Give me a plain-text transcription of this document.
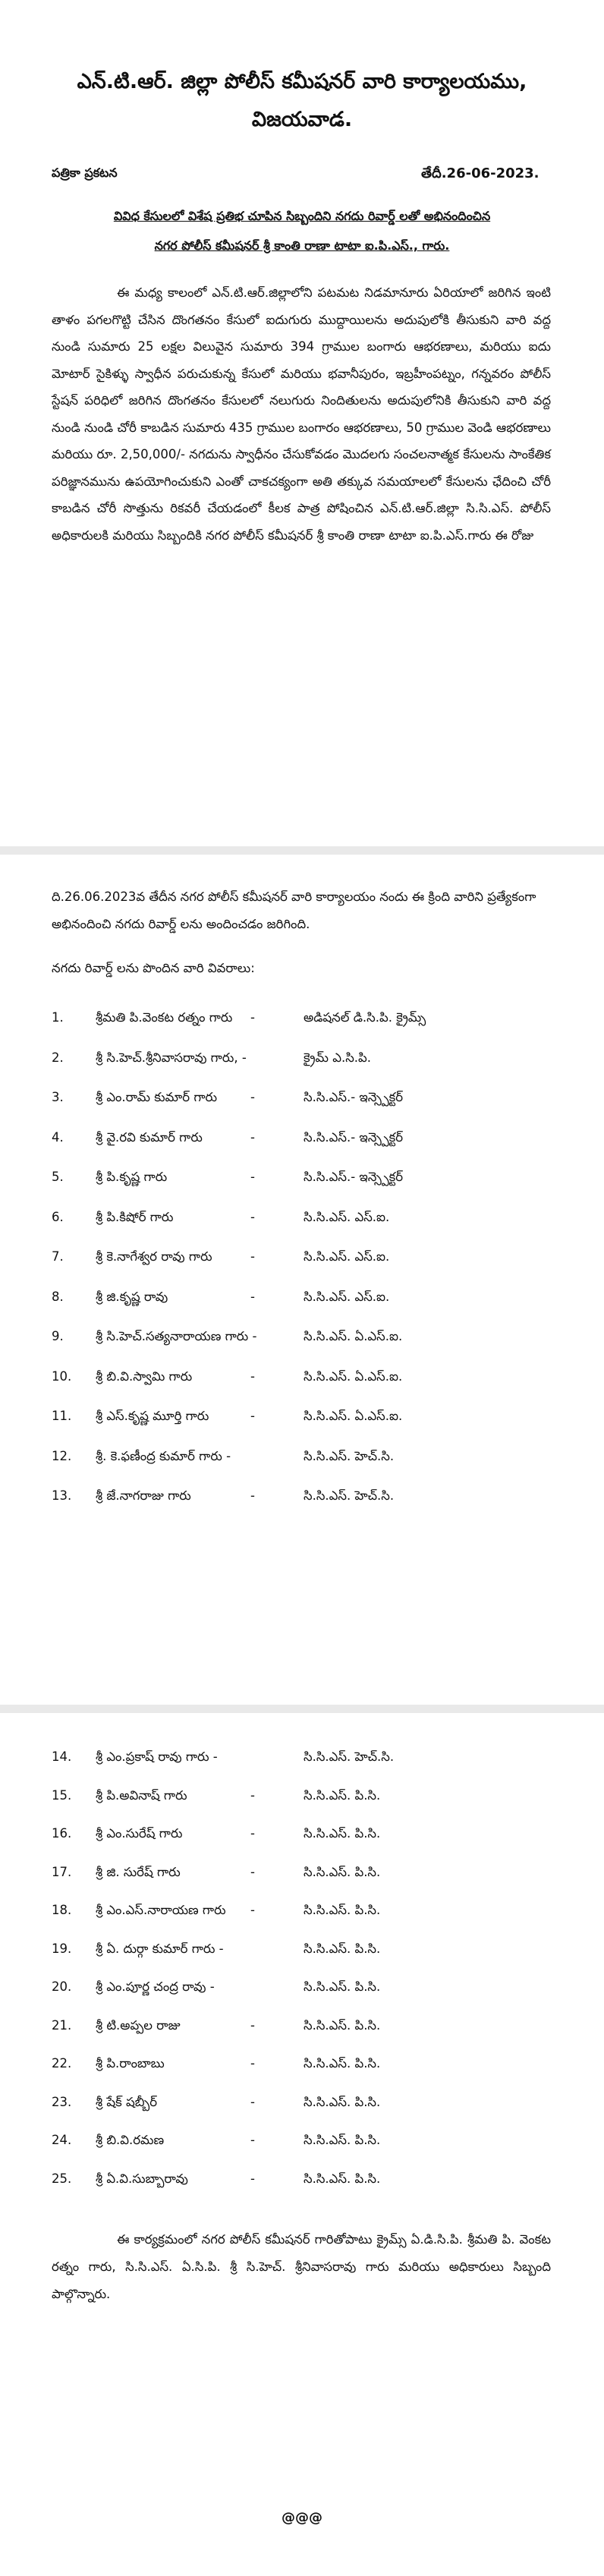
ఎన్.టి.ఆర్. జిల్లా పోలీస్ కమీషనర్ వారి కార్యాలయము,
విజయవాడ.
పత్రికా ప్రకటన	తేదీ.26-06-2023.
వివిధ కేసులలో విశేష ప్రతిభ చూపిన సిబ్బందిని నగదు రివార్డ్ లతో అభినందించిన
నగర పోలీస్ కమీషనర్ శ్రీ కాంతి రాణా టాటా ఐ.పి.ఎస్., గారు.
ఈ మధ్య కాలంలో ఎన్.టి.ఆర్.జిల్లాలోని పటమట నిడమానూరు ఏరియాలో జరిగిన ఇంటి తాళం పగలగొట్టి చేసిన దొంగతనం కేసులో ఐదుగురు ముద్దాయిలను అదుపులోకి తీసుకుని వారి వద్ద నుండి సుమారు 25 లక్షల విలువైన సుమారు 394 గ్రాముల బంగారు ఆభరణాలు, మరియు ఐదు మోటార్ సైకిళ్ళు స్వాధీన పరుచుకున్న కేసులో మరియు భవానీపురం, ఇబ్రహీంపట్నం, గన్నవరం పోలీస్ స్టేషన్ పరిధిలో జరిగిన దొంగతనం కేసులలో నలుగురు నిందితులను అదుపులోనికి తీసుకుని వారి వద్ద నుండి నుండి చోరీ కాబడిన సుమారు 435 గ్రాముల బంగారం ఆభరణాలు, 50 గ్రాముల వెండి ఆభరణాలు మరియు రూ. 2,50,000/- నగదును స్వాధీనం చేసుకోవడం మొదలగు సంచలనాత్మక కేసులను సాంకేతిక పరిజ్ఞానమును ఉపయోగించుకుని ఎంతో చాకచక్యంగా అతి తక్కువ సమయాలలో కేసులను ఛేదించి చోరీ కాబడిన చోరీ సొత్తును రికవరీ చేయడంలో కీలక పాత్ర పోషించిన ఎన్.టి.ఆర్.జిల్లా సి.సి.ఎస్. పోలీస్ అధికారులకి మరియు సిబ్బందికి నగర పోలీస్ కమీషనర్ శ్రీ కాంతి రాణా టాటా ఐ.పి.ఎస్.గారు ఈ రోజు
ది.26.06.2023వ తేదీన నగర పోలీస్ కమీషనర్ వారి కార్యాలయం నందు ఈ క్రింది వారిని ప్రత్యేకంగా అభినందించి నగదు రివార్డ్ లను అందించడం జరిగింది.
నగదు రివార్డ్ లను పొందిన వారి వివరాలు:
1.	శ్రీమతి పి.వెంకట రత్నం గారు -	అడిషనల్ డి.సి.పి. క్రైమ్స్
2.	శ్రీ సి.హెచ్.శ్రీనివాసరావు గారు, -	క్రైమ్ ఎ.సి.పి.
3.	శ్రీ ఎం.రామ్ కుమార్ గారు	-	సి.సి.ఎస్.- ఇన్స్పెక్టర్
4.	శ్రీ వై.రవి కుమార్ గారు	-	సి.సి.ఎస్.- ఇన్స్పెక్టర్
5.	శ్రీ పి.కృష్ణ గారు	-	సి.సి.ఎస్.- ఇన్స్పెక్టర్
6.	శ్రీ పి.కిషోర్ గారు	-	సి.సి.ఎస్. ఎస్.ఐ.
7.	శ్రీ కె.నాగేశ్వర రావు గారు	-	సి.సి.ఎస్. ఎస్.ఐ.
8.	శ్రీ జి.కృష్ణ రావు	-	సి.సి.ఎస్. ఎస్.ఐ.
9.	శ్రీ సి.హెచ్.సత్యనారాయణ గారు -	సి.సి.ఎస్. ఏ.ఎస్.ఐ.
10. శ్రీ బి.వి.స్వామి గారు	-	సి.సి.ఎస్. ఏ.ఎస్.ఐ.
11. శ్రీ ఎస్.కృష్ణ మూర్తి గారు	-	సి.సి.ఎస్. ఏ.ఎస్.ఐ.
12. శ్రీ. కె.ఫణీంద్ర కుమార్ గారు -	సి.సి.ఎస్. హెచ్.సి.
13. శ్రీ జే.నాగరాజు గారు	-	సి.సి.ఎస్. హెచ్.సి.
ఈ కార్యక్రమంలో నగర పోలీస్ కమీషనర్ గారితోపాటు క్రైమ్స్ ఏ.డి.సి.పి. శ్రీమతి పి. వెంకట రత్నం గారు, సి.సి.ఎస్. ఏ.సి.పి. శ్రీ సి.హెచ్. శ్రీనివాసరావు గారు మరియు అధికారులు సిబ్బంది పాల్గొన్నారు.
@@@
14. శ్రీ ఎం.ప్రకాష్ రావు గారు -	సి.సి.ఎస్. హెచ్.సి.
15. శ్రీ పి.అవినాష్ గారు	-	సి.సి.ఎస్. పి.సి.
16. శ్రీ ఎం.సురేష్ గారు	-	సి.సి.ఎస్. పి.సి.
17. శ్రీ జి. సురేష్ గారు	-	సి.సి.ఎస్. పి.సి.
18. శ్రీ ఎం.ఎస్.నారాయణ గారు -	సి.సి.ఎస్. పి.సి.
19. శ్రీ ఏ. దుర్గా కుమార్ గారు -	సి.సి.ఎస్. పి.సి.
20. శ్రీ ఎం.పూర్ణ చంద్ర రావు -	సి.సి.ఎస్. పి.సి.
21. శ్రీ టి.అప్పల రాజు	-	సి.సి.ఎస్. పి.సి.
22. శ్రీ పి.రాంబాబు	-	సి.సి.ఎస్. పి.సి.
23. శ్రీ షేక్ షబ్బీర్	-	సి.సి.ఎస్. పి.సి.
24. శ్రీ బి.వి.రమణ	-	సి.సి.ఎస్. పి.సి.
25. శ్రీ ఏ.వి.సుబ్బారావు	-	సి.సి.ఎస్. పి.సి.
